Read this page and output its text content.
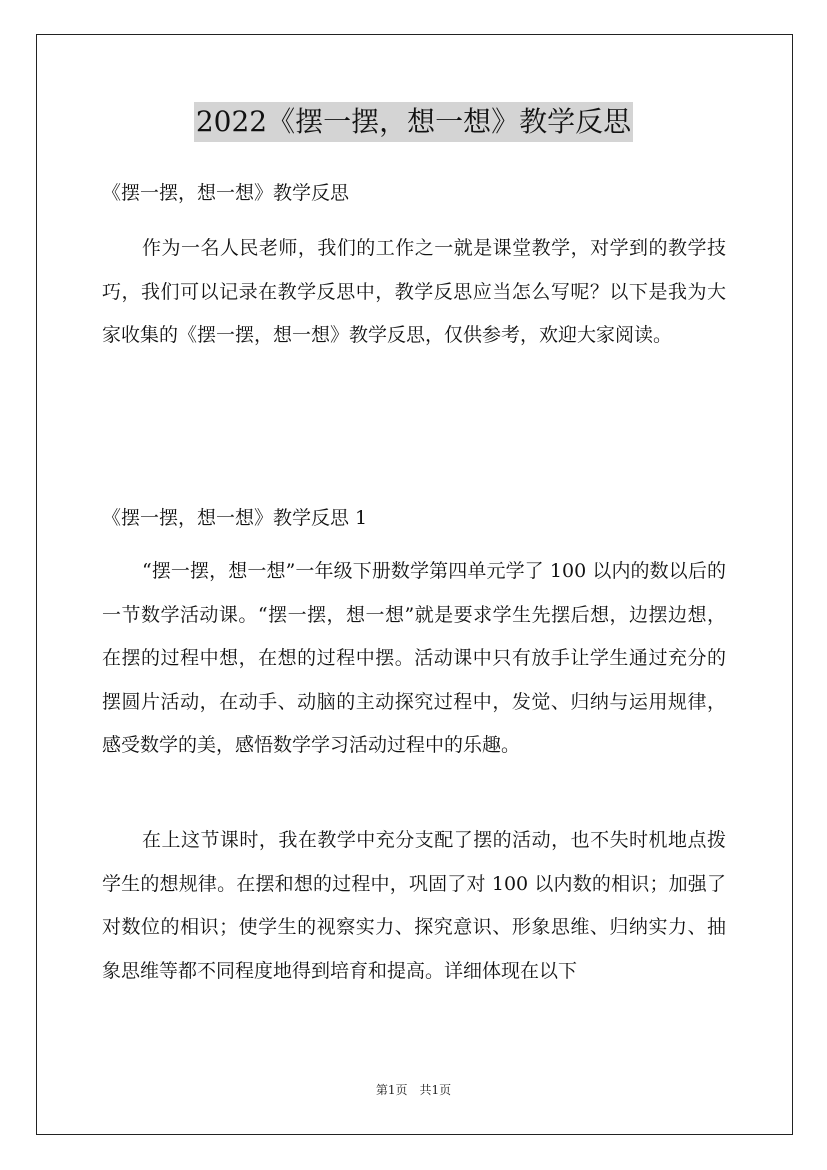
2022《摆一摆，想一想》教学反思
《摆一摆，想一想》教学反思

作为一名人民老师，我们的工作之一就是课堂教学，对学到的教学技巧，我们可以记录在教学反思中，教学反思应当怎么写呢？以下是我为大家收集的《摆一摆，想一想》教学反思，仅供参考，欢迎大家阅读。

《摆一摆，想一想》教学反思 1

“摆一摆，想一想”一年级下册数学第四单元学了 100 以内的数以后的一节数学活动课。“摆一摆，想一想”就是要求学生先摆后想，边摆边想，在摆的过程中想，在想的过程中摆。活动课中只有放手让学生通过充分的摆圆片活动，在动手、动脑的主动探究过程中，发觉、归纳与运用规律，感受数学的美，感悟数学学习活动过程中的乐趣。

在上这节课时，我在教学中充分支配了摆的活动，也不失时机地点拨学生的想规律。在摆和想的过程中，巩固了对 100 以内数的相识；加强了对数位的相识；使学生的视察实力、探究意识、形象思维、归纳实力、抽象思维等都不同程度地得到培育和提高。详细体现在以下

第1页　共1页
